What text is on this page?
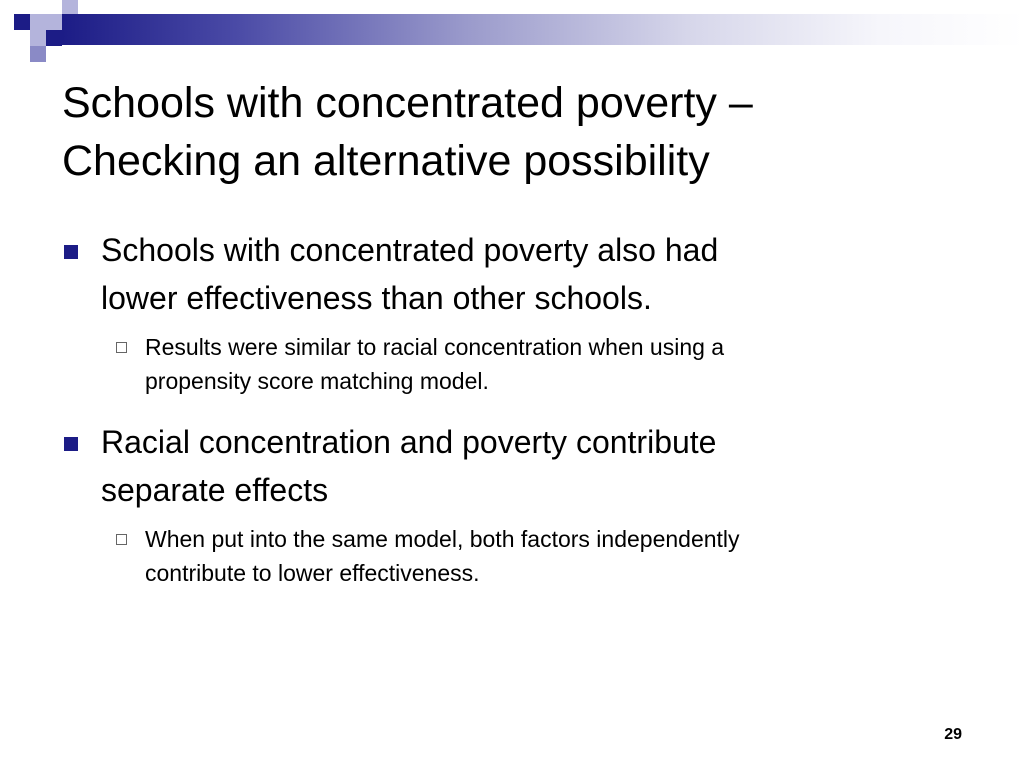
Schools with concentrated poverty –
Checking an alternative possibility
Schools with concentrated poverty also had
lower effectiveness than other schools.
Results were similar to racial concentration when using a
propensity score matching model.
Racial concentration and poverty contribute
separate effects
When put into the same model, both factors independently
contribute to lower effectiveness.
29
